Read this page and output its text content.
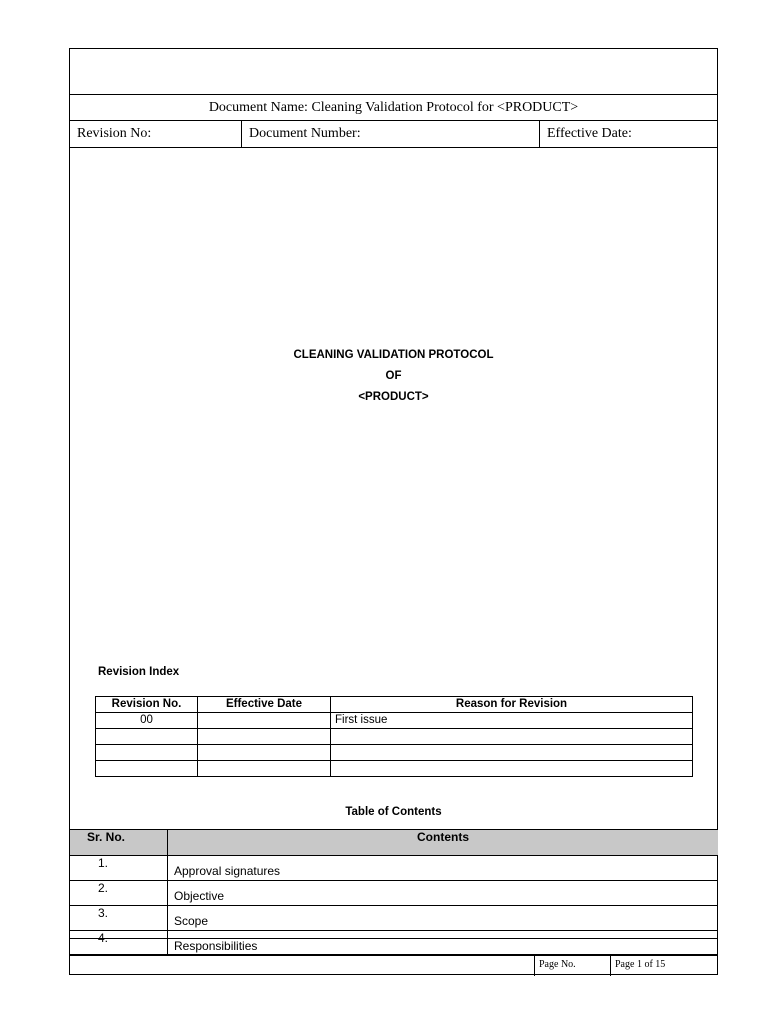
Document Name: Cleaning Validation Protocol for <PRODUCT>
Revision No:	Document Number:	Effective Date:
CLEANING VALIDATION PROTOCOL
OF
<PRODUCT>
Revision Index
Revision No.	Effective Date	Reason for Revision
00		First issue

Table of Contents
Sr. No.	Contents
1.	Approval signatures
2.	Objective
3.	Scope
4.	Responsibilities
Page No.	Page 1 of 15
